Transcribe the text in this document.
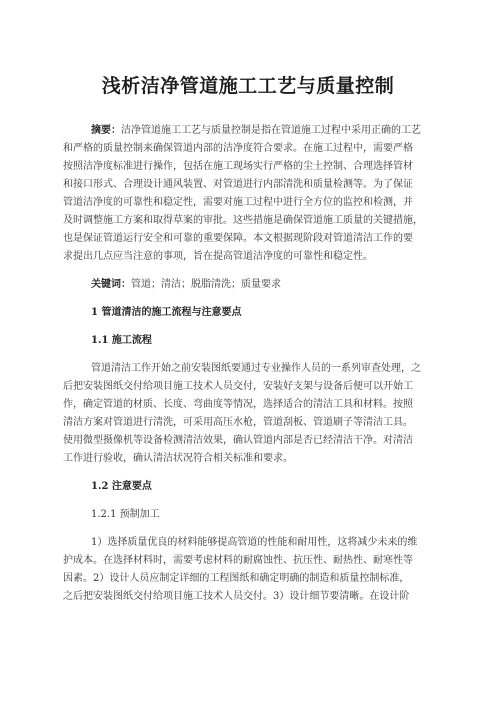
浅析洁净管道施工工艺与质量控制
摘要：洁净管道施工工艺与质量控制是指在管道施工过程中采用正确的工艺
和严格的质量控制来确保管道内部的洁净度符合要求。在施工过程中，需要严格
按照洁净度标准进行操作，包括在施工现场实行严格的尘土控制、合理选择管材
和接口形式、合理设计通风装置、对管道进行内部清洗和质量检测等。为了保证
管道洁净度的可靠性和稳定性，需要对施工过程中进行全方位的监控和检测，并
及时调整施工方案和取得草案的审批。这些措施是确保管道施工质量的关键措施，
也是保证管道运行安全和可靠的重要保障。本文根据现阶段对管道清洁工作的要
求提出几点应当注意的事项，旨在提高管道洁净度的可靠性和稳定性。
关键词：管道；清洁；脱脂清洗；质量要求
1 管道清洁的施工流程与注意要点
1.1 施工流程
管道清洁工作开始之前安装图纸要通过专业操作人员的一系列审查处理，之
后把安装图纸交付给项目施工技术人员交付，安装好支架与设备后便可以开始工
作，确定管道的材质、长度、弯曲度等情况，选择适合的清洁工具和材料。按照
清洁方案对管道进行清洗，可采用高压水枪，管道刮板、管道刷子等清洁工具。
使用微型摄像机等设备检测清洁效果，确认管道内部是否已经清洁干净。对清洁
工作进行验收，确认清洁状况符合相关标准和要求。
1.2 注意要点
1.2.1 预制加工
1）选择质量优良的材料能够提高管道的性能和耐用性，这将减少未来的维
护成本。在选择材料时，需要考虑材料的耐腐蚀性、抗压性、耐热性、耐寒性等
因素。2）设计人员应制定详细的工程图纸和确定明确的制造和质量控制标准，
之后把安装图纸交付给项目施工技术人员交付。3）设计细节要清晰。在设计阶
